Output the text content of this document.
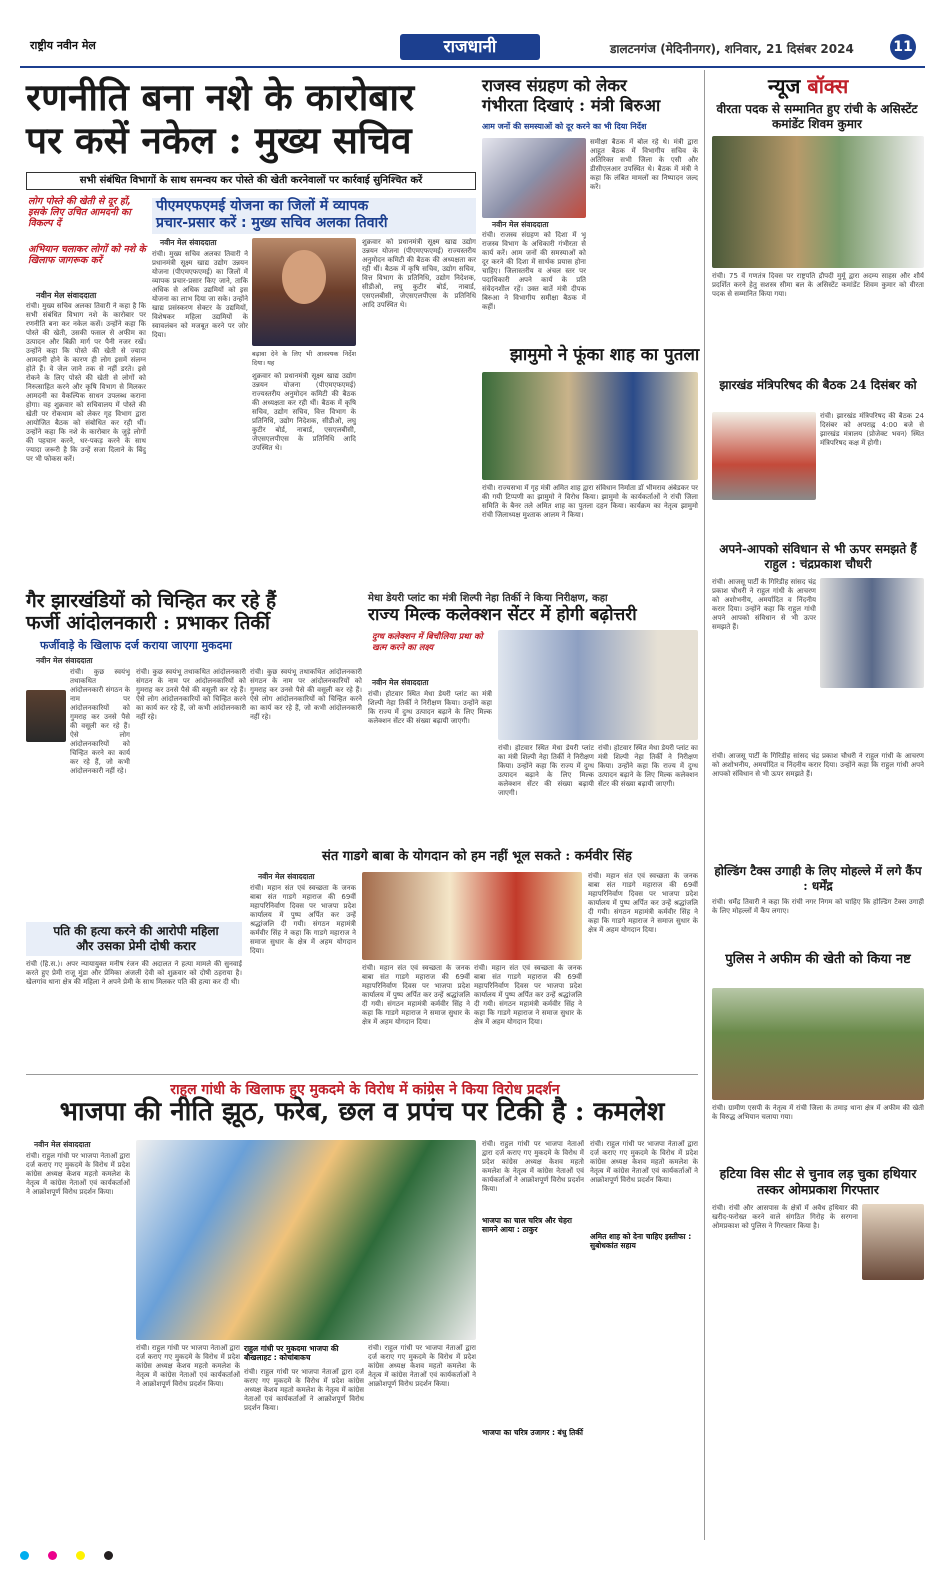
राष्ट्रीय नवीन मेल	राजधानी	डालटनगंज (मेदिनीनगर), शनिवार, 21 दिसंबर 2024	11
रणनीति बना नशे के कारोबार
पर कसें नकेल : मुख्य सचिव
सभी संबंधित विभागों के साथ समन्वय कर पोस्ते की खेती करनेवालों पर कार्रवाई सुनिश्चित करें
लोग पोस्ते की खेती से दूर हों, इसके लिए उचित आमदनी का विकल्प दें
अभियान चलाकर लोगों को नशे के खिलाफ जागरूक करें
नवीन मेल संवाददाता
रांची। मुख्य सचिव अलका तिवारी ने कहा है कि सभी संबंधित विभाग नशे के कारोबार पर रणनीति बना कर नकेल कसें। उन्होंने कहा कि पोस्ते की खेती, उसकी फसल से अफीम का उत्पादन और बिक्री मार्ग पर पैनी नजर रखें। उन्होंने कहा कि पोस्ते की खेती से ज्यादा आमदनी होने के कारण ही लोग इसमें संलग्न होते हैं। वे जेल जाने तक से नहीं डरते। इसे रोकने के लिए पोस्ते की खेती से लोगों को निरुत्साहित करने और कृषि विभाग से मिलकर आमदनी का वैकल्पिक साधन उपलब्ध कराना होगा। वह शुक्रवार को सचिवालय में पोस्ते की खेती पर रोकथाम को लेकर गृह विभाग द्वारा आयोजित बैठक को संबोधित कर रही थीं। उन्होंने कहा कि नशे के कारोबार के जुड़े लोगों की पहचान करने, धर-पकड़ करने के साथ ज्यादा जरूरी है कि उन्हें सजा दिलाने के बिंदु पर भी फोकस करें।
पीएमएफएमई योजना का जिलों में व्यापक
प्रचार-प्रसार करें : मुख्य सचिव अलका तिवारी
नवीन मेल संवाददाता
रांची। मुख्य सचिव अलका तिवारी ने प्रधानमंत्री सूक्ष्म खाद्य उद्योग उन्नयन योजना (पीएमएफएमई) का जिलों में व्यापक प्रचार-प्रसार किए जाने, ताकि अधिक से अधिक उद्यमियों को इस योजना का लाभ दिया जा सके। उन्होंने खाद्य प्रसंस्करण सेक्टर के उद्यमियों, विशेषकर महिला उद्यमियों के स्वावलंबन को मजबूत करने पर जोर दिया।
बढ़ावा देने के लिए भी आवश्यक निर्देश दिया। यह
शुक्रवार को प्रधानमंत्री सूक्ष्म खाद्य उद्योग उन्नयन योजना (पीएमएफएमई) राज्यस्तरीय अनुमोदन कमिटी की बैठक की अध्यक्षता कर रही थीं। बैठक में कृषि सचिव, उद्योग सचिव, वित्त विभाग के प्रतिनिधि, उद्योग निदेशक, सीडीओ, लघु कुटीर बोर्ड, नाबार्ड, एसएलबीसी, जेएसएलपीएस के प्रतिनिधि आदि उपस्थित थे।
शुक्रवार को प्रधानमंत्री सूक्ष्म खाद्य उद्योग उन्नयन योजना (पीएमएफएमई) राज्यस्तरीय अनुमोदन कमिटी की बैठक की अध्यक्षता कर रही थीं। बैठक में कृषि सचिव, उद्योग सचिव, वित्त विभाग के प्रतिनिधि, उद्योग निदेशक, सीडीओ, लघु कुटीर बोर्ड, नाबार्ड, एसएलबीसी, जेएसएलपीएस के प्रतिनिधि आदि उपस्थित थे।
राजस्व संग्रहण को लेकर
गंभीरता दिखाएं : मंत्री बिरुआ
आम जनों की समस्याओं को दूर करने का भी दिया निर्देश
नवीन मेल संवाददाता
रांची। राजस्व संग्रहण को दिशा में भू राजस्व विभाग के अधिकारी गंभीरता से कार्य करें। आम जनों की समस्याओं को दूर करने की दिशा में सार्थक प्रयास होना चाहिए। जिलास्तरीय व अंचल स्तर पर पदाधिकारी अपने कार्य के प्रति संवेदनशील रहें। उक्त बातें मंत्री दीपक बिरुआ ने विभागीय समीक्षा बैठक में कहीं।
समीक्षा बैठक में बोल रहे थे। मंत्री द्वारा आहूत बैठक में विभागीय सचिव के अतिरिक्त सभी जिला के एसी और डीसीएलआर उपस्थित थे। बैठक में मंत्री ने कहा कि लंबित मामलों का निष्पादन जल्द करें।
झामुमो ने फूंका शाह का पुतला
रांची। राज्यसभा में गृह मंत्री अमित शाह द्वारा संविधान निर्माता डॉ भीमराव अंबेडकर पर की गयी टिप्पणी का झामुमो ने विरोध किया। झामुमो के कार्यकर्ताओं ने रांची जिला समिति के बैनर तले अमित शाह का पुतला दहन किया। कार्यक्रम का नेतृत्व झामुमो रांची जिलाध्यक्ष मुश्ताक आलम ने किया।
गैर झारखंडियों को चिन्हित कर रहे हैं
फर्जी आंदोलनकारी : प्रभाकर तिर्की
फर्जीवाड़े के खिलाफ दर्ज कराया जाएगा मुकदमा
नवीन मेल संवाददाता
रांची। कुछ स्वयंभू तथाकथित आंदोलनकारी संगठन के नाम पर आंदोलनकारियों को गुमराह कर उनसे पैसे की वसूली कर रहे हैं। ऐसे लोग आंदोलनकारियों को चिन्हित करने का कार्य कर रहे हैं, जो कभी आंदोलनकारी नहीं रहे।
रांची। कुछ स्वयंभू तथाकथित आंदोलनकारी संगठन के नाम पर आंदोलनकारियों को गुमराह कर उनसे पैसे की वसूली कर रहे हैं। ऐसे लोग आंदोलनकारियों को चिन्हित करने का कार्य कर रहे हैं, जो कभी आंदोलनकारी नहीं रहे।
रांची। कुछ स्वयंभू तथाकथित आंदोलनकारी संगठन के नाम पर आंदोलनकारियों को गुमराह कर उनसे पैसे की वसूली कर रहे हैं। ऐसे लोग आंदोलनकारियों को चिन्हित करने का कार्य कर रहे हैं, जो कभी आंदोलनकारी नहीं रहे।
मेधा डेयरी प्लांट का मंत्री शिल्पी नेहा तिर्की ने किया निरीक्षण, कहा
राज्य मिल्क कलेक्शन सेंटर में होगी बढ़ोत्तरी
दुग्ध कलेक्शन में बिचौलिया प्रथा को खत्म करने का लक्ष्य
नवीन मेल संवाददाता
रांची। होटवार स्थित मेधा डेयरी प्लांट का मंत्री शिल्पी नेहा तिर्की ने निरीक्षण किया। उन्होंने कहा कि राज्य में दुग्ध उत्पादन बढ़ाने के लिए मिल्क कलेक्शन सेंटर की संख्या बढ़ायी जाएगी।
रांची। होटवार स्थित मेधा डेयरी प्लांट का मंत्री शिल्पी नेहा तिर्की ने निरीक्षण किया। उन्होंने कहा कि राज्य में दुग्ध उत्पादन बढ़ाने के लिए मिल्क कलेक्शन सेंटर की संख्या बढ़ायी जाएगी।
रांची। होटवार स्थित मेधा डेयरी प्लांट का मंत्री शिल्पी नेहा तिर्की ने निरीक्षण किया। उन्होंने कहा कि राज्य में दुग्ध उत्पादन बढ़ाने के लिए मिल्क कलेक्शन सेंटर की संख्या बढ़ायी जाएगी।
पति की हत्या करने की आरोपी महिला
और उसका प्रेमी दोषी करार
रांची (हि.स.)। अपर न्यायायुक्त मनीष रंजन की अदालत ने हत्या मामले की सुनवाई करते हुए प्रेमी राजू मुंडा और प्रेमिका अंजली देवी को शुक्रवार को दोषी ठहराया है। खेलगांव थाना क्षेत्र की महिला ने अपने प्रेमी के साथ मिलकर पति की हत्या कर दी थी।
संत गाडगे बाबा के योगदान को हम नहीं भूल सकते : कर्मवीर सिंह
नवीन मेल संवाददाता
रांची। महान संत एवं स्वच्छता के जनक बाबा संत गाडगे महाराज की 69वीं महापरिनिर्वाण दिवस पर भाजपा प्रदेश कार्यालय में पुष्प अर्पित कर उन्हें श्रद्धांजलि दी गयी। संगठन महामंत्री कर्मवीर सिंह ने कहा कि गाडगे महाराज ने समाज सुधार के क्षेत्र में अहम योगदान दिया।
रांची। महान संत एवं स्वच्छता के जनक बाबा संत गाडगे महाराज की 69वीं महापरिनिर्वाण दिवस पर भाजपा प्रदेश कार्यालय में पुष्प अर्पित कर उन्हें श्रद्धांजलि दी गयी। संगठन महामंत्री कर्मवीर सिंह ने कहा कि गाडगे महाराज ने समाज सुधार के क्षेत्र में अहम योगदान दिया।
रांची। महान संत एवं स्वच्छता के जनक बाबा संत गाडगे महाराज की 69वीं महापरिनिर्वाण दिवस पर भाजपा प्रदेश कार्यालय में पुष्प अर्पित कर उन्हें श्रद्धांजलि दी गयी। संगठन महामंत्री कर्मवीर सिंह ने कहा कि गाडगे महाराज ने समाज सुधार के क्षेत्र में अहम योगदान दिया।
रांची। महान संत एवं स्वच्छता के जनक बाबा संत गाडगे महाराज की 69वीं महापरिनिर्वाण दिवस पर भाजपा प्रदेश कार्यालय में पुष्प अर्पित कर उन्हें श्रद्धांजलि दी गयी। संगठन महामंत्री कर्मवीर सिंह ने कहा कि गाडगे महाराज ने समाज सुधार के क्षेत्र में अहम योगदान दिया।
राहुल गांधी के खिलाफ हुए मुकदमे के विरोध में कांग्रेस ने किया विरोध प्रदर्शन
भाजपा की नीति झूठ, फरेब, छल व प्रपंच पर टिकी है : कमलेश
नवीन मेल संवाददाता
रांची। राहुल गांधी पर भाजपा नेताओं द्वारा दर्ज कराए गए मुकदमे के विरोध में प्रदेश कांग्रेस अध्यक्ष केशव महतो कमलेश के नेतृत्व में कांग्रेस नेताओं एवं कार्यकर्ताओं ने आक्रोशपूर्ण विरोध प्रदर्शन किया।
राहुल गांधी पर मुकदमा भाजपा की बौखलाहट : कोचांबाकच
रांची। राहुल गांधी पर भाजपा नेताओं द्वारा दर्ज कराए गए मुकदमे के विरोध में प्रदेश कांग्रेस अध्यक्ष केशव महतो कमलेश के नेतृत्व में कांग्रेस नेताओं एवं कार्यकर्ताओं ने आक्रोशपूर्ण विरोध प्रदर्शन किया।
रांची। राहुल गांधी पर भाजपा नेताओं द्वारा दर्ज कराए गए मुकदमे के विरोध में प्रदेश कांग्रेस अध्यक्ष केशव महतो कमलेश के नेतृत्व में कांग्रेस नेताओं एवं कार्यकर्ताओं ने आक्रोशपूर्ण विरोध प्रदर्शन किया।
रांची। राहुल गांधी पर भाजपा नेताओं द्वारा दर्ज कराए गए मुकदमे के विरोध में प्रदेश कांग्रेस अध्यक्ष केशव महतो कमलेश के नेतृत्व में कांग्रेस नेताओं एवं कार्यकर्ताओं ने आक्रोशपूर्ण विरोध प्रदर्शन किया।
रांची। राहुल गांधी पर भाजपा नेताओं द्वारा दर्ज कराए गए मुकदमे के विरोध में प्रदेश कांग्रेस अध्यक्ष केशव महतो कमलेश के नेतृत्व में कांग्रेस नेताओं एवं कार्यकर्ताओं ने आक्रोशपूर्ण विरोध प्रदर्शन किया।
भाजपा का चाल चरित्र और चेहरा सामने आया : ठाकुर
भाजपा का चरित्र उजागर : बंधु तिर्की
रांची। राहुल गांधी पर भाजपा नेताओं द्वारा दर्ज कराए गए मुकदमे के विरोध में प्रदेश कांग्रेस अध्यक्ष केशव महतो कमलेश के नेतृत्व में कांग्रेस नेताओं एवं कार्यकर्ताओं ने आक्रोशपूर्ण विरोध प्रदर्शन किया।
अमित शाह को देना चाहिए इस्तीफा : सुबोधकांत सहाय
न्यूज बॉक्स
वीरता पदक से सम्मानित हुए रांची के असिस्टेंट कमांडेंट शिवम कुमार
रांची। 75 वें गणतंत्र दिवस पर राष्ट्रपति द्रौपदी मुर्मू द्वारा अदम्य साहस और शौर्य प्रदर्शित करने हेतु सशस्त्र सीमा बल के असिस्टेंट कमांडेंट शिवम कुमार को वीरता पदक से सम्मानित किया गया।
झारखंड मंत्रिपरिषद की बैठक 24 दिसंबर को
रांची। झारखंड मंत्रिपरिषद की बैठक 24 दिसंबर को अपराह्न 4:00 बजे से झारखंड मंत्रालय (प्रोजेक्ट भवन) स्थित मंत्रिपरिषद कक्ष में होगी।
अपने-आपको संविधान से भी ऊपर समझते हैं राहुल : चंद्रप्रकाश चौधरी
रांची। आजसू पार्टी के गिरिडीह सांसद चंद्र प्रकाश चौधरी ने राहुल गांधी के आचरण को अशोभनीय, अमर्यादित व निंदनीय करार दिया। उन्होंने कहा कि राहुल गांधी अपने आपको संविधान से भी ऊपर समझते हैं।
रांची। आजसू पार्टी के गिरिडीह सांसद चंद्र प्रकाश चौधरी ने राहुल गांधी के आचरण को अशोभनीय, अमर्यादित व निंदनीय करार दिया। उन्होंने कहा कि राहुल गांधी अपने आपको संविधान से भी ऊपर समझते हैं।
होल्डिंग टैक्स उगाही के लिए मोहल्ले में लगे कैंप : धर्मेंद्र
रांची। धर्मेंद्र तिवारी ने कहा कि रांची नगर निगम को चाहिए कि होल्डिंग टैक्स उगाही के लिए मोहल्लों में कैंप लगाए।
पुलिस ने अफीम की खेती को किया नष्ट
रांची। ग्रामीण एसपी के नेतृत्व में रांची जिला के तमाड़ थाना क्षेत्र में अफीम की खेती के विरुद्ध अभियान चलाया गया।
हटिया विस सीट से चुनाव लड़ चुका हथियार तस्कर ओमप्रकाश गिरफ्तार
रांची। रांची और आसपास के क्षेत्रों में अवैध हथियार की खरीद-फरोख्त करने वाले संगठित गिरोह के सरगना ओमप्रकाश को पुलिस ने गिरफ्तार किया है।
